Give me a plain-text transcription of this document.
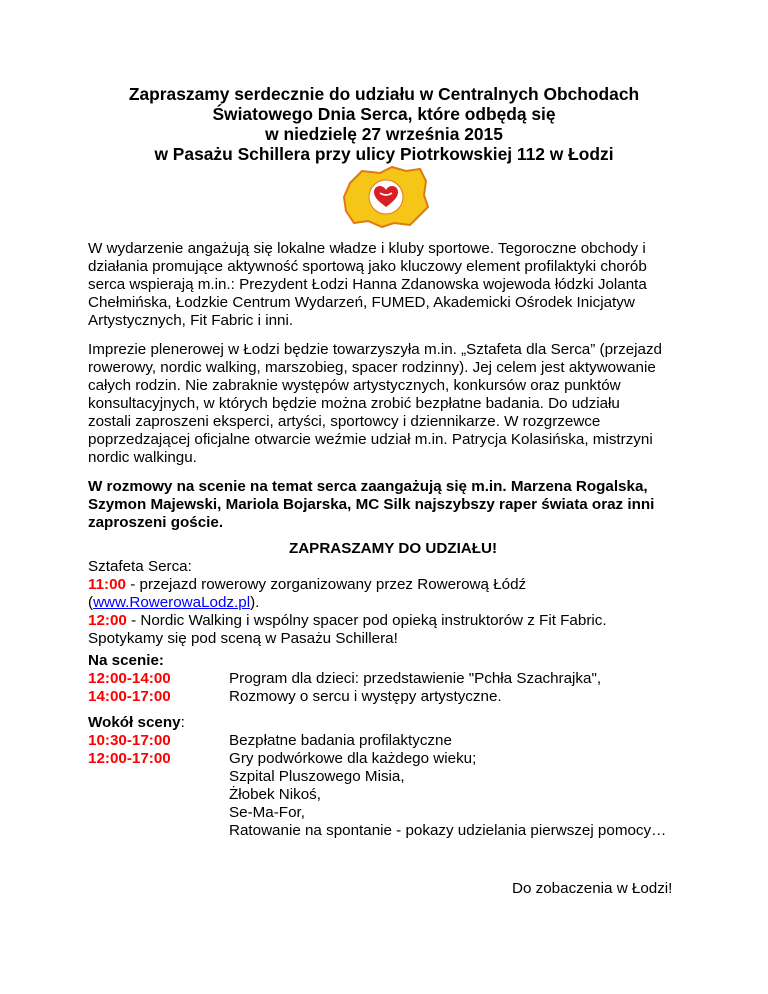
Zapraszamy serdecznie do udziału w Centralnych Obchodach
Światowego Dnia Serca, które odbędą się
w niedzielę 27 września 2015
w Pasażu Schillera przy ulicy Piotrkowskiej 112 w Łodzi
W wydarzenie angażują się lokalne władze i kluby sportowe. Tegoroczne obchody i
działania promujące aktywność sportową jako kluczowy element profilaktyki chorób
serca wspierają m.in.: Prezydent Łodzi Hanna Zdanowska wojewoda łódzki Jolanta
Chełmińska, Łodzkie Centrum Wydarzeń, FUMED, Akademicki Ośrodek Inicjatyw
Artystycznych, Fit Fabric i inni.
Imprezie plenerowej w Łodzi będzie towarzyszyła m.in. „Sztafeta dla Serca” (przejazd
rowerowy, nordic walking, marszobieg, spacer rodzinny). Jej celem jest aktywowanie
całych rodzin. Nie zabraknie występów artystycznych, konkursów oraz punktów
konsultacyjnych, w których będzie można zrobić bezpłatne badania. Do udziału
zostali zaproszeni eksperci, artyści, sportowcy i dziennikarze. W rozgrzewce
poprzedzającej oficjalne otwarcie weźmie udział m.in. Patrycja Kolasińska, mistrzyni
nordic walkingu.
W rozmowy na scenie na temat serca zaangażują się m.in. Marzena Rogalska,
Szymon Majewski, Mariola Bojarska, MC Silk najszybszy raper świata oraz inni
zaproszeni goście.
ZAPRASZAMY DO UDZIAŁU!
Sztafeta Serca:
11:00 - przejazd rowerowy zorganizowany przez Rowerową Łódź
(www.RowerowaLodz.pl).
12:00 - Nordic Walking i wspólny spacer pod opieką instruktorów z Fit Fabric.
Spotykamy się pod sceną w Pasażu Schillera!
Na scenie:
12:00-14:00	Program dla dzieci: przedstawienie "Pchła Szachrajka",
14:00-17:00	Rozmowy o sercu i występy artystyczne.
Wokół sceny:
10:30-17:00
12:00-17:00
Bezpłatne badania profilaktyczne
Gry podwórkowe dla każdego wieku;
Szpital Pluszowego Misia,
Żłobek Nikoś,
Se-Ma-For,
Ratowanie na spontanie - pokazy udzielania pierwszej pomocy…
Do zobaczenia w Łodzi!
